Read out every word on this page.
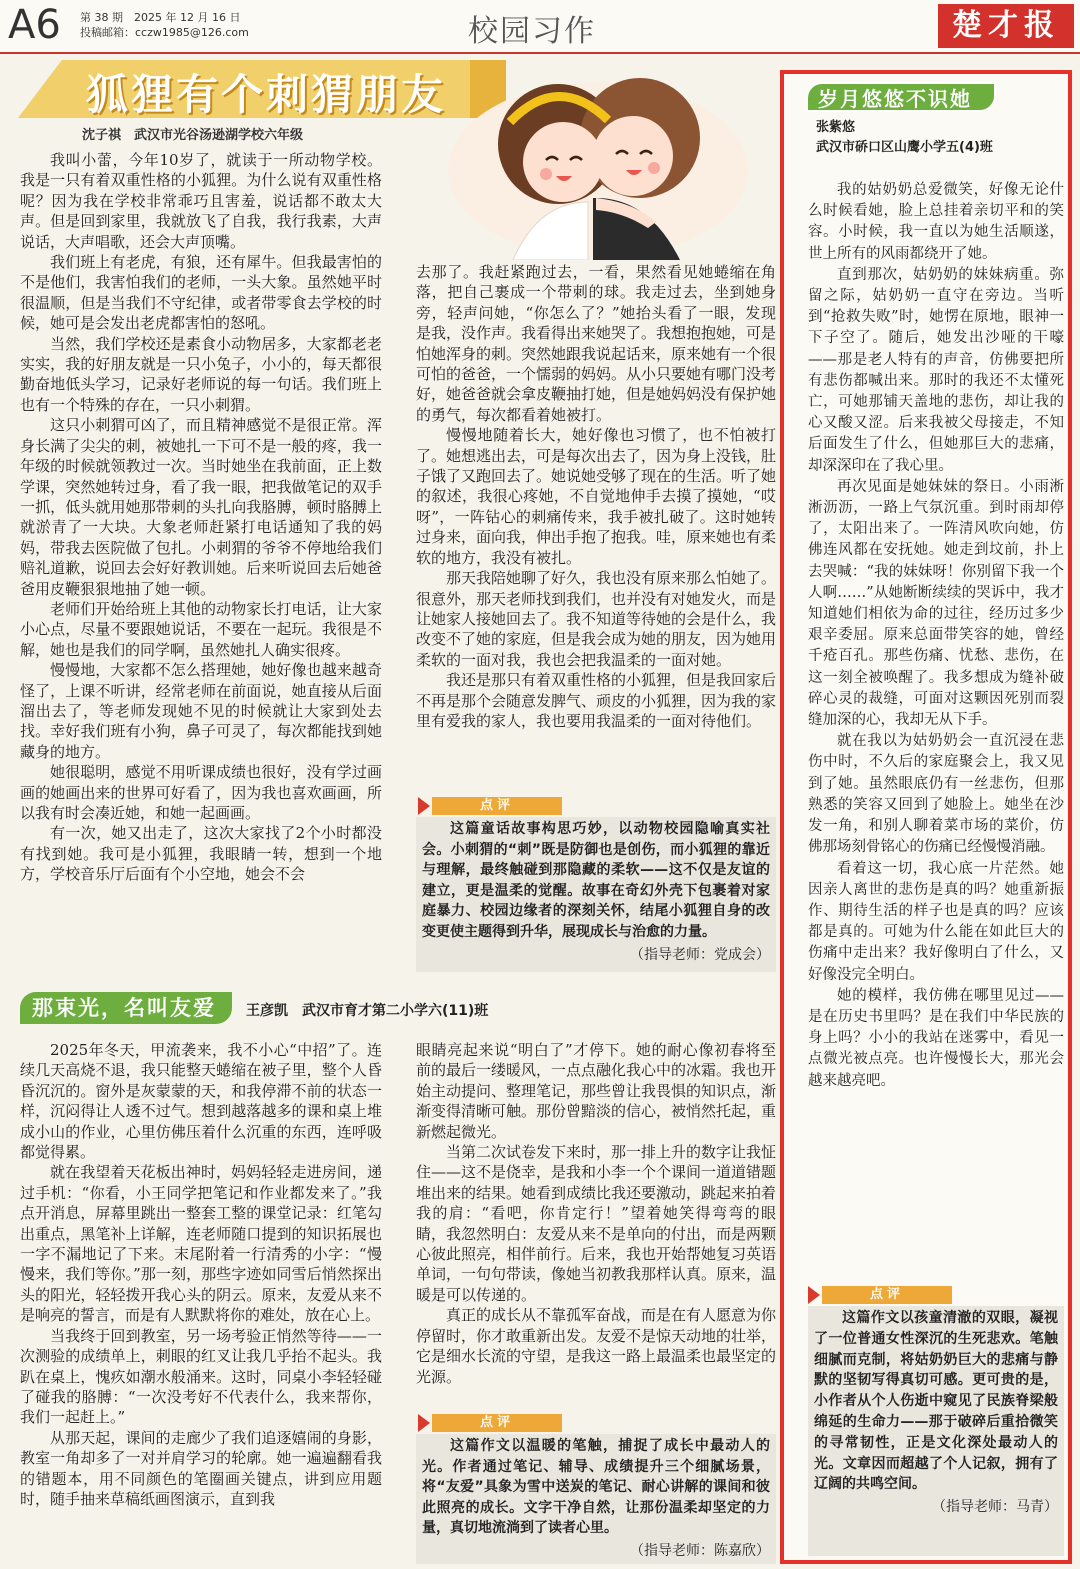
A6 第 38 期　2025 年 12 月 16 日
投稿邮箱：cczw1985@126.com	校园习作	楚才报
狐狸有个刺猬朋友
沈子祺　武汉市光谷汤逊湖学校六年级

我叫小蕾，今年10岁了，就读于一所动物学校。我是一只有着双重性格的小狐狸。为什么说有双重性格呢？因为我在学校非常乖巧且害羞，说话都不敢太大声。但是回到家里，我就放飞了自我，我行我素，大声说话，大声唱歌，还会大声顶嘴。

我们班上有老虎，有狼，还有犀牛。但我最害怕的不是他们，我害怕我们的老师，一头大象。虽然她平时很温顺，但是当我们不守纪律，或者带零食去学校的时候，她可是会发出老虎都害怕的怒吼。

当然，我们学校还是素食小动物居多，大家都老老实实，我的好朋友就是一只小兔子，小小的，每天都很勤奋地低头学习，记录好老师说的每一句话。我们班上也有一个特殊的存在，一只小刺猬。

这只小刺猬可凶了，而且精神感觉不是很正常。浑身长满了尖尖的刺，被她扎一下可不是一般的疼，我一年级的时候就领教过一次。当时她坐在我前面，正上数学课，突然她转过身，看了我一眼，把我做笔记的双手一抓，低头就用她那带刺的头扎向我胳膊，顿时胳膊上就淤青了一大块。大象老师赶紧打电话通知了我的妈妈，带我去医院做了包扎。小刺猬的爷爷不停地给我们赔礼道歉，说回去会好好教训她。后来听说回去后她爸爸用皮鞭狠狠地抽了她一顿。

老师们开始给班上其他的动物家长打电话，让大家小心点，尽量不要跟她说话，不要在一起玩。我很是不解，她也是我们的同学啊，虽然她扎人确实很疼。

慢慢地，大家都不怎么搭理她，她好像也越来越奇怪了，上课不听讲，经常老师在前面说，她直接从后面溜出去了，等老师发现她不见的时候就让大家到处去找。幸好我们班有小狗，鼻子可灵了，每次都能找到她藏身的地方。

她很聪明，感觉不用听课成绩也很好，没有学过画画的她画出来的世界可好看了，因为我也喜欢画画，所以我有时会凑近她，和她一起画画。

有一次，她又出走了，这次大家找了2个小时都没有找到她。我可是小狐狸，我眼睛一转，想到一个地方，学校音乐厅后面有个小空地，她会不会

去那了。我赶紧跑过去，一看，果然看见她蜷缩在角落，把自己裹成一个带刺的球。我走过去，坐到她身旁，轻声问她，“你怎么了？”她抬头看了一眼，发现是我，没作声。我看得出来她哭了。我想抱抱她，可是怕她浑身的刺。突然她跟我说起话来，原来她有一个很可怕的爸爸，一个懦弱的妈妈。从小只要她有哪门没考好，她爸爸就会拿皮鞭抽打她，但是她妈妈没有保护她的勇气，每次都看着她被打。

慢慢地随着长大，她好像也习惯了，也不怕被打了。她想逃出去，可是每次出去了，因为身上没钱，肚子饿了又跑回去了。她说她受够了现在的生活。听了她的叙述，我很心疼她，不自觉地伸手去摸了摸她，“哎呀”，一阵钻心的刺痛传来，我手被扎破了。这时她转过身来，面向我，伸出手抱了抱我。哇，原来她也有柔软的地方，我没有被扎。

那天我陪她聊了好久，我也没有原来那么怕她了。很意外，那天老师找到我们，也并没有对她发火，而是让她家人接她回去了。我不知道等待她的会是什么，我改变不了她的家庭，但是我会成为她的朋友，因为她用柔软的一面对我，我也会把我温柔的一面对她。

我还是那只有着双重性格的小狐狸，但是我回家后不再是那个会随意发脾气、顽皮的小狐狸，因为我的家里有爱我的家人，我也要用我温柔的一面对待他们。

点评

这篇童话故事构思巧妙，以动物校园隐喻真实社会。小刺猬的“刺”既是防御也是创伤，而小狐狸的靠近与理解，最终触碰到那隐藏的柔软——这不仅是友谊的建立，更是温柔的觉醒。故事在奇幻外壳下包裹着对家庭暴力、校园边缘者的深刻关怀，结尾小狐狸自身的改变更使主题得到升华，展现成长与治愈的力量。

（指导老师：党成会）
那束光，名叫友爱	王彦凯　武汉市育才第二小学六(11)班

2025年冬天，甲流袭来，我不小心“中招”了。连续几天高烧不退，我只能整天蜷缩在被子里，整个人昏昏沉沉的。窗外是灰蒙蒙的天，和我停滞不前的状态一样，沉闷得让人透不过气。想到越落越多的课和桌上堆成小山的作业，心里仿佛压着什么沉重的东西，连呼吸都觉得累。

就在我望着天花板出神时，妈妈轻轻走进房间，递过手机：“你看，小王同学把笔记和作业都发来了。”我点开消息，屏幕里跳出一整套工整的课堂记录：红笔勾出重点，黑笔补上详解，连老师随口提到的知识拓展也一字不漏地记了下来。末尾附着一行清秀的小字：“慢慢来，我们等你。”那一刻，那些字迹如同雪后悄然探出头的阳光，轻轻拨开我心头的阴云。原来，友爱从来不是响亮的誓言，而是有人默默将你的难处，放在心上。

当我终于回到教室，另一场考验正悄然等待——一次测验的成绩单上，刺眼的红叉让我几乎抬不起头。我趴在桌上，愧疚如潮水般涌来。这时，同桌小李轻轻碰了碰我的胳膊：“一次没考好不代表什么，我来帮你，我们一起赶上。”

从那天起，课间的走廊少了我们追逐嬉闹的身影，教室一角却多了一对并肩学习的轮廓。她一遍遍翻看我的错题本，用不同颜色的笔圈画关键点，讲到应用题时，随手抽来草稿纸画图演示，直到我

眼睛亮起来说“明白了”才停下。她的耐心像初春将至前的最后一缕暖风，一点点融化我心中的冰霜。我也开始主动提问、整理笔记，那些曾让我畏惧的知识点，渐渐变得清晰可触。那份曾黯淡的信心，被悄然托起，重新燃起微光。

当第二次试卷发下来时，那一排上升的数字让我怔住——这不是侥幸，是我和小李一个个课间一道道错题堆出来的结果。她看到成绩比我还要激动，跳起来拍着我的肩：“看吧，你肯定行！”望着她笑得弯弯的眼睛，我忽然明白：友爱从来不是单向的付出，而是两颗心彼此照亮，相伴前行。后来，我也开始帮她复习英语单词，一句句带读，像她当初教我那样认真。原来，温暖是可以传递的。

真正的成长从不靠孤军奋战，而是在有人愿意为你停留时，你才敢重新出发。友爱不是惊天动地的壮举，它是细水长流的守望，是我这一路上最温柔也最坚定的光源。

点评

这篇作文以温暖的笔触，捕捉了成长中最动人的光。作者通过笔记、辅导、成绩提升三个细腻场景，将“友爱”具象为雪中送炭的笔记、耐心讲解的课间和彼此照亮的成长。文字干净自然，让那份温柔却坚定的力量，真切地流淌到了读者心里。

（指导老师：陈嘉欣）
岁月悠悠不识她
张紫悠
武汉市硚口区山鹰小学五(4)班

我的姑奶奶总爱微笑，好像无论什么时候看她，脸上总挂着亲切平和的笑容。小时候，我一直以为她生活顺遂，世上所有的风雨都绕开了她。

直到那次，姑奶奶的妹妹病重。弥留之际，姑奶奶一直守在旁边。当听到“抢救失败”时，她愣在原地，眼神一下子空了。随后，她发出沙哑的干嚎——那是老人特有的声音，仿佛要把所有悲伤都喊出来。那时的我还不太懂死亡，可她那铺天盖地的悲伤，却让我的心又酸又涩。后来我被父母接走，不知后面发生了什么，但她那巨大的悲痛，却深深印在了我心里。

再次见面是她妹妹的祭日。小雨淅淅沥沥，一路上气氛沉重。到时雨却停了，太阳出来了。一阵清风吹向她，仿佛连风都在安抚她。她走到坟前，扑上去哭喊：“我的妹妹呀！你别留下我一个人啊……”从她断断续续的哭诉中，我才知道她们相依为命的过往，经历过多少艰辛委屈。原来总面带笑容的她，曾经千疮百孔。那些伤痛、忧愁、悲伤，在这一刻全被唤醒了。我多想成为缝补破碎心灵的裁缝，可面对这颗因死别而裂缝加深的心，我却无从下手。

就在我以为姑奶奶会一直沉浸在悲伤中时，不久后的家庭聚会上，我又见到了她。虽然眼底仍有一丝悲伤，但那熟悉的笑容又回到了她脸上。她坐在沙发一角，和别人聊着菜市场的菜价，仿佛那场刻骨铭心的伤痛已经慢慢消融。

看着这一切，我心底一片茫然。她因亲人离世的悲伤是真的吗？她重新振作、期待生活的样子也是真的吗？应该都是真的。可她为什么能在如此巨大的伤痛中走出来？我好像明白了什么，又好像没完全明白。

她的模样，我仿佛在哪里见过——是在历史书里吗？是在我们中华民族的身上吗？小小的我站在迷雾中，看见一点微光被点亮。也许慢慢长大，那光会越来越亮吧。

点评

这篇作文以孩童清澈的双眼，凝视了一位普通女性深沉的生死悲欢。笔触细腻而克制，将姑奶奶巨大的悲痛与静默的坚韧写得真切可感。更可贵的是，小作者从个人伤逝中窥见了民族脊梁般绵延的生命力——那于破碎后重拾微笑的寻常韧性，正是文化深处最动人的光。文章因而超越了个人记叙，拥有了辽阔的共鸣空间。

（指导老师：马青）
